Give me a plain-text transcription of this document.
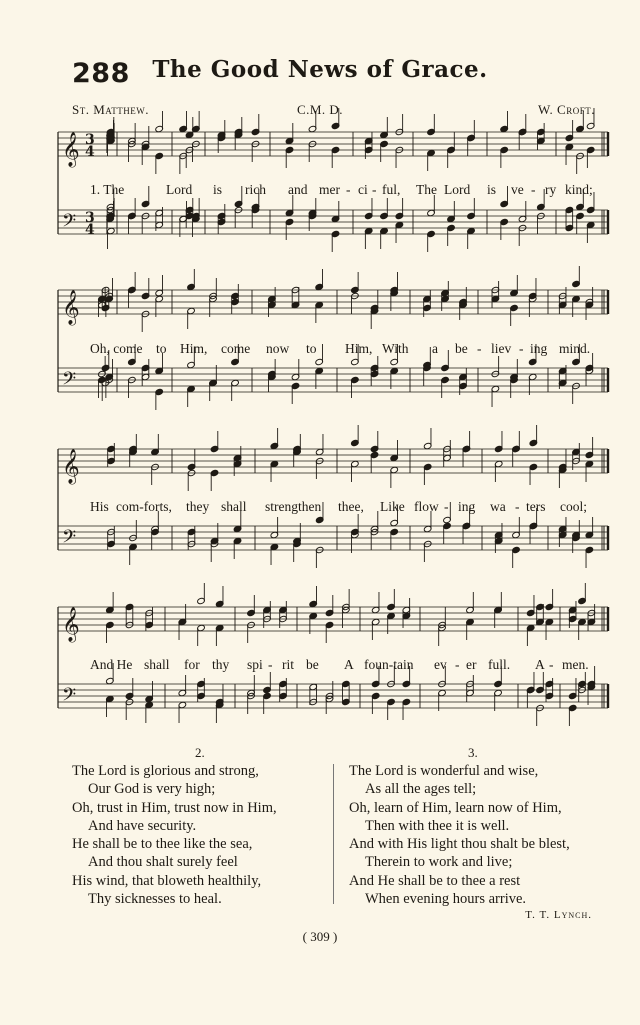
288 The Good News of Grace.
St. Matthew.	C.M. D.	W. Croft.
𝄞 3
4
𝄢 3
4
𝄞
𝄢
𝄞
𝄢
𝄞
𝄢
1. The	Lord is rich and mer - ci - ful, The Lord is ve - ry kind;
Oh, come to Him, come now to Him, With a be - liev - ing mind.
His com-forts, they shall strengthen thee, Like flow - ing wa - ters cool;
And He shall for thy spi - rit be A foun-tain ev - er full. A - men.
2.	3.
The Lord is glorious and strong,
Our God is very high;
Oh, trust in Him, trust now in Him,
And have security.
He shall be to thee like the sea,
And thou shalt surely feel
His wind, that bloweth healthily,
Thy sicknesses to heal.
The Lord is wonderful and wise,
As all the ages tell;
Oh, learn of Him, learn now of Him,
Then with thee it is well.
And with His light thou shalt be blest,
Therein to work and live;
And He shall be to thee a rest
When evening hours arrive.
T. T. Lynch.
( 309 )
